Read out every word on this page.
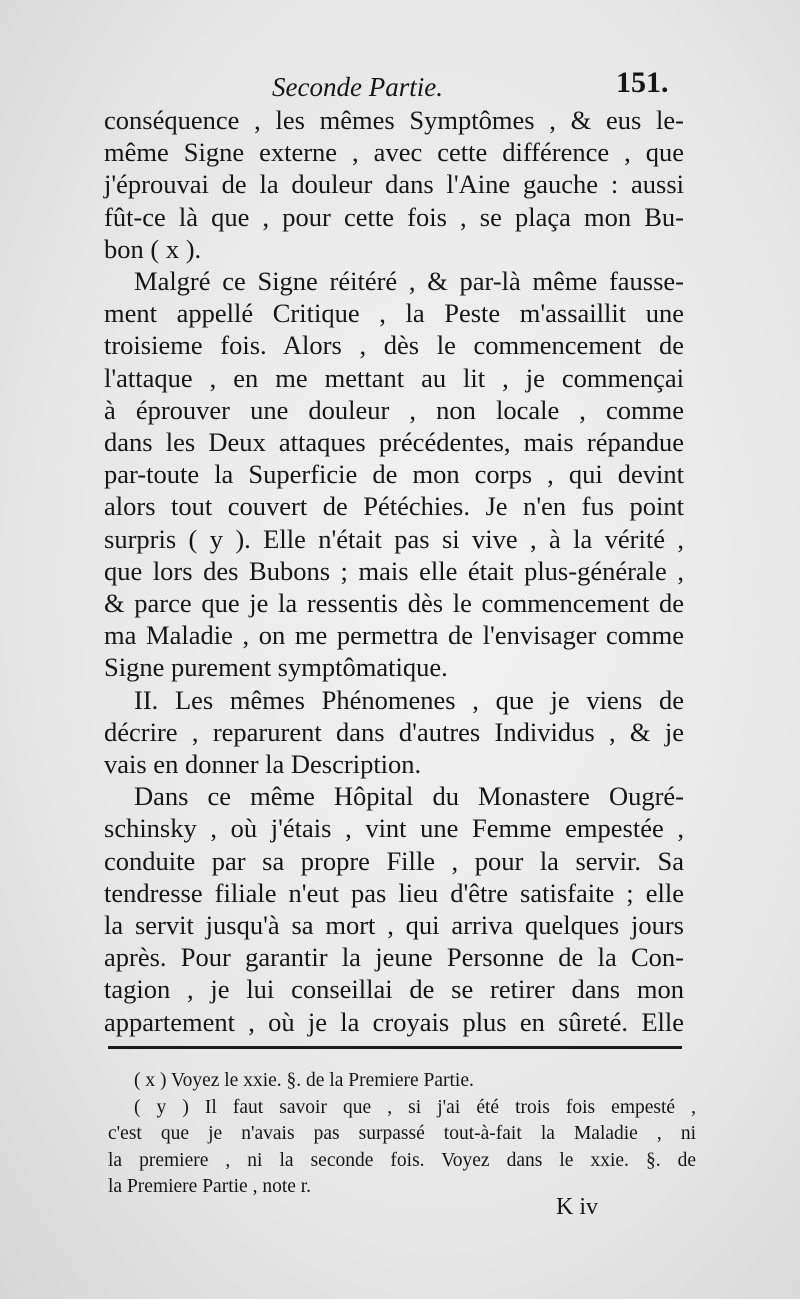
Seconde Partie.	151.
conséquence , les mêmes Symptômes , & eus le-
même Signe externe , avec cette différence , que
j'éprouvai de la douleur dans l'Aine gauche : aussi
fût-ce là que , pour cette fois , se plaça mon Bu-
bon ( x ).
Malgré ce Signe réitéré , & par-là même fausse-
ment appellé Critique , la Peste m'assaillit une
troisieme fois. Alors , dès le commencement de
l'attaque , en me mettant au lit , je commençai
à éprouver une douleur , non locale , comme
dans les Deux attaques précédentes, mais répandue
par-toute la Superficie de mon corps , qui devint
alors tout couvert de Pétéchies. Je n'en fus point
surpris ( y ). Elle n'était pas si vive , à la vérité ,
que lors des Bubons ; mais elle était plus-générale ,
& parce que je la ressentis dès le commencement de
ma Maladie , on me permettra de l'envisager comme
Signe purement symptômatique.
II. Les mêmes Phénomenes , que je viens de
décrire , reparurent dans d'autres Individus , & je
vais en donner la Description.
Dans ce même Hôpital du Monastere Ougré-
schinsky , où j'étais , vint une Femme empestée ,
conduite par sa propre Fille , pour la servir. Sa
tendresse filiale n'eut pas lieu d'être satisfaite ; elle
la servit jusqu'à sa mort , qui arriva quelques jours
après. Pour garantir la jeune Personne de la Con-
tagion , je lui conseillai de se retirer dans mon
appartement , où je la croyais plus en sûreté. Elle
( x ) Voyez le xxie. §. de la Premiere Partie.
( y ) Il faut savoir que , si j'ai été trois fois empesté ,
c'est que je n'avais pas surpassé tout-à-fait la Maladie , ni
la premiere , ni la seconde fois. Voyez dans le xxie. §. de
la Premiere Partie , note r.
K iv
